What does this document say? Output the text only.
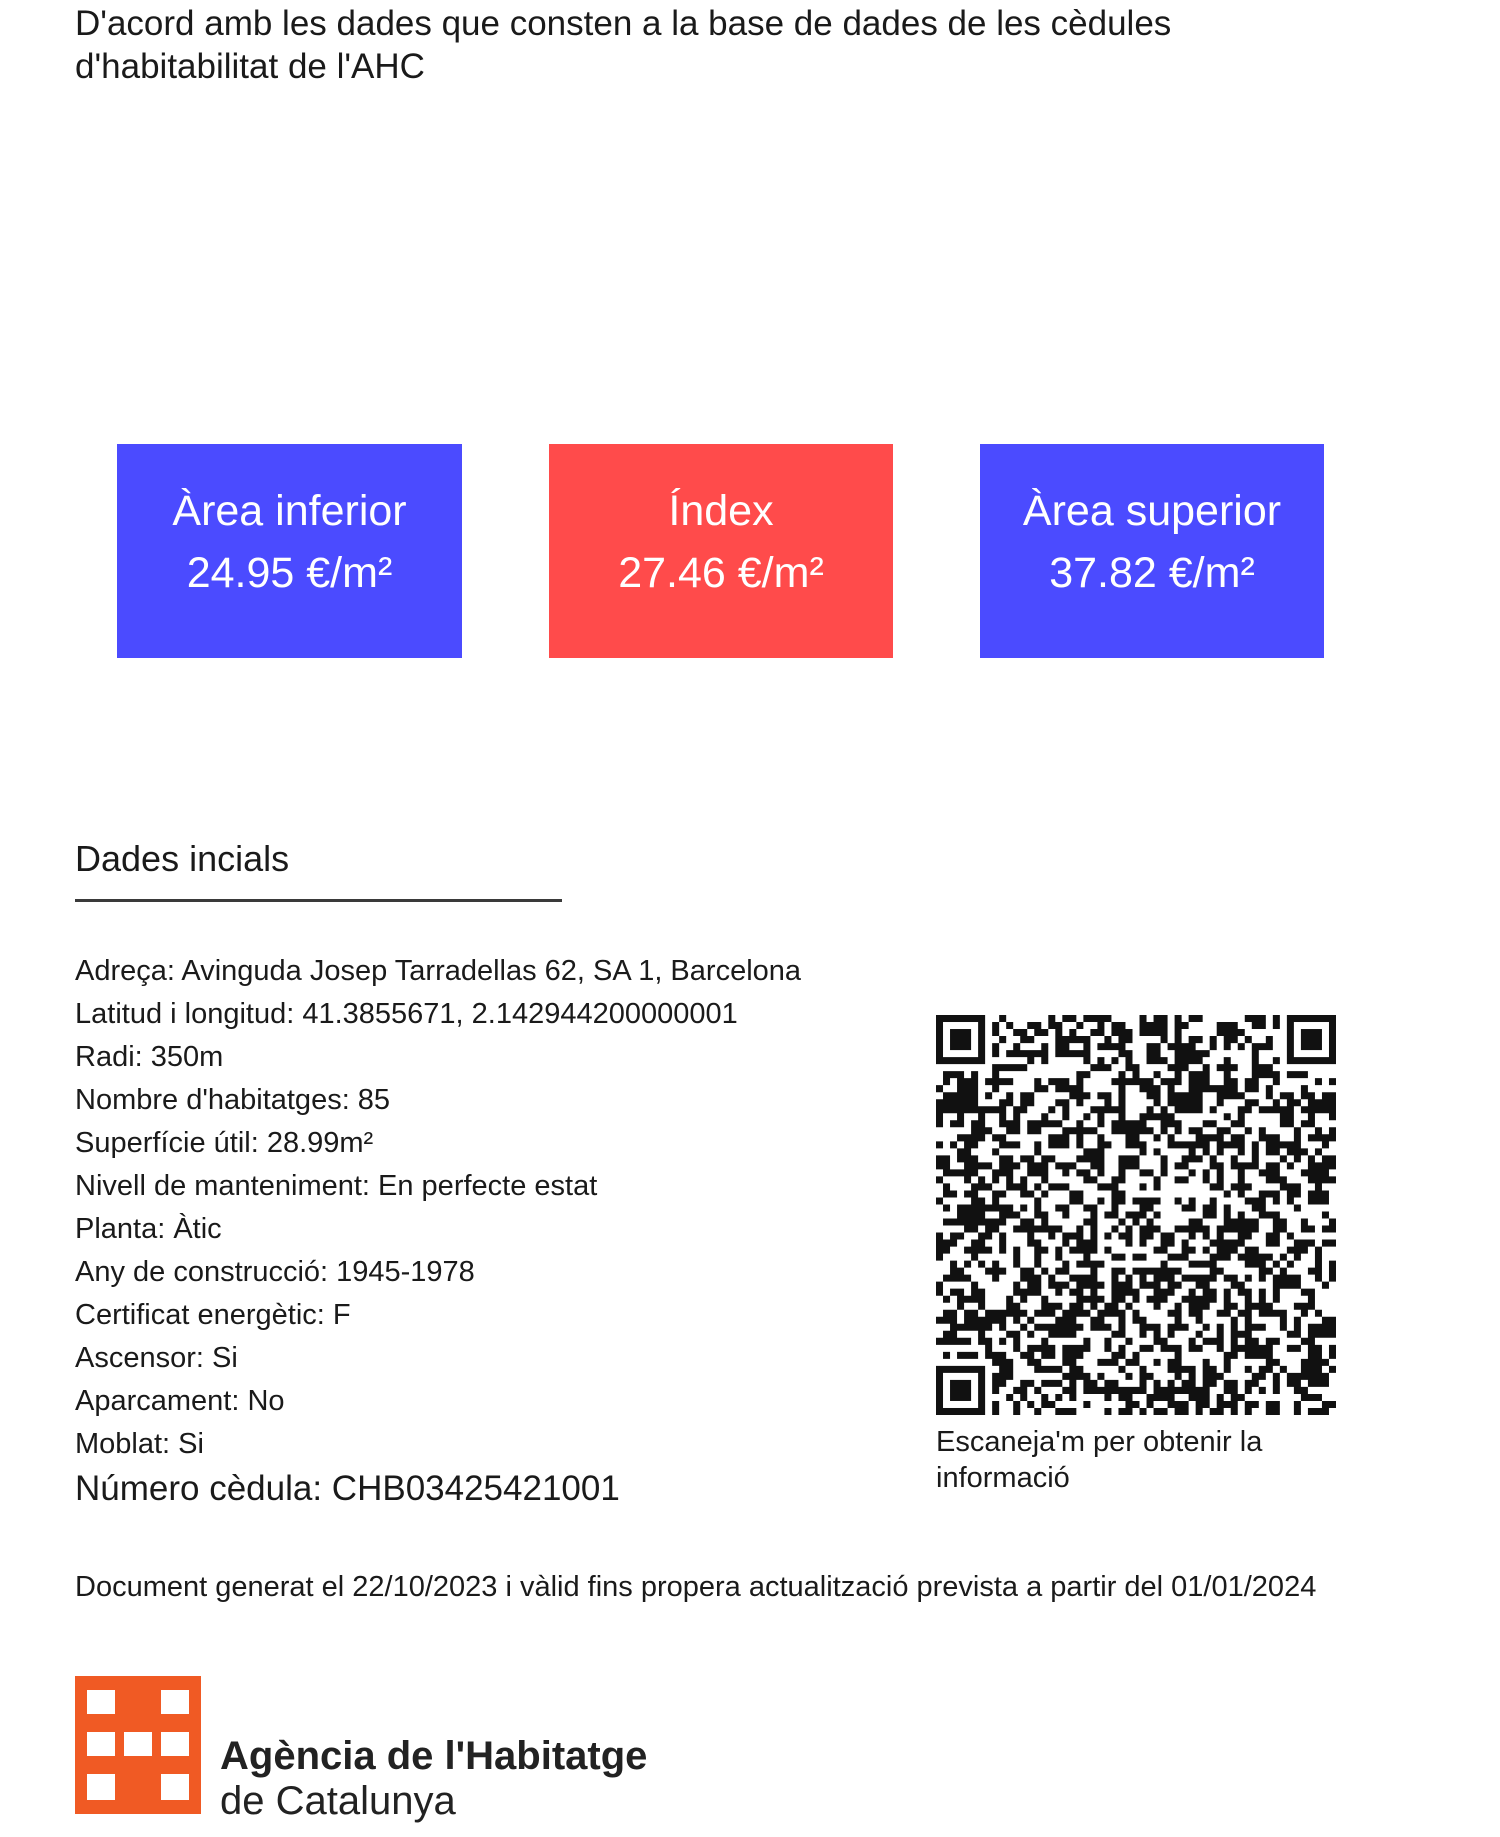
D'acord amb les dades que consten a la base de dades de les cèdules d'habitabilitat de l'AHC

Àrea inferior
24.95 €/m²
Índex
27.46 €/m²
Àrea superior
37.82 €/m²
Dades incials
Adreça: Avinguda Josep Tarradellas 62, SA 1, Barcelona
Latitud i longitud: 41.3855671, 2.142944200000001
Radi: 350m
Nombre d'habitatges: 85
Superfície útil: 28.99m²
Nivell de manteniment: En perfecte estat
Planta: Àtic
Any de construcció: 1945-1978
Certificat energètic: F
Ascensor: Si
Aparcament: No
Moblat: Si
Número cèdula: CHB03425421001
Escaneja'm per obtenir la informació
Document generat el 22/10/2023 i vàlid fins propera actualització prevista a partir del 01/01/2024
Agència de l'Habitatge
de Catalunya
